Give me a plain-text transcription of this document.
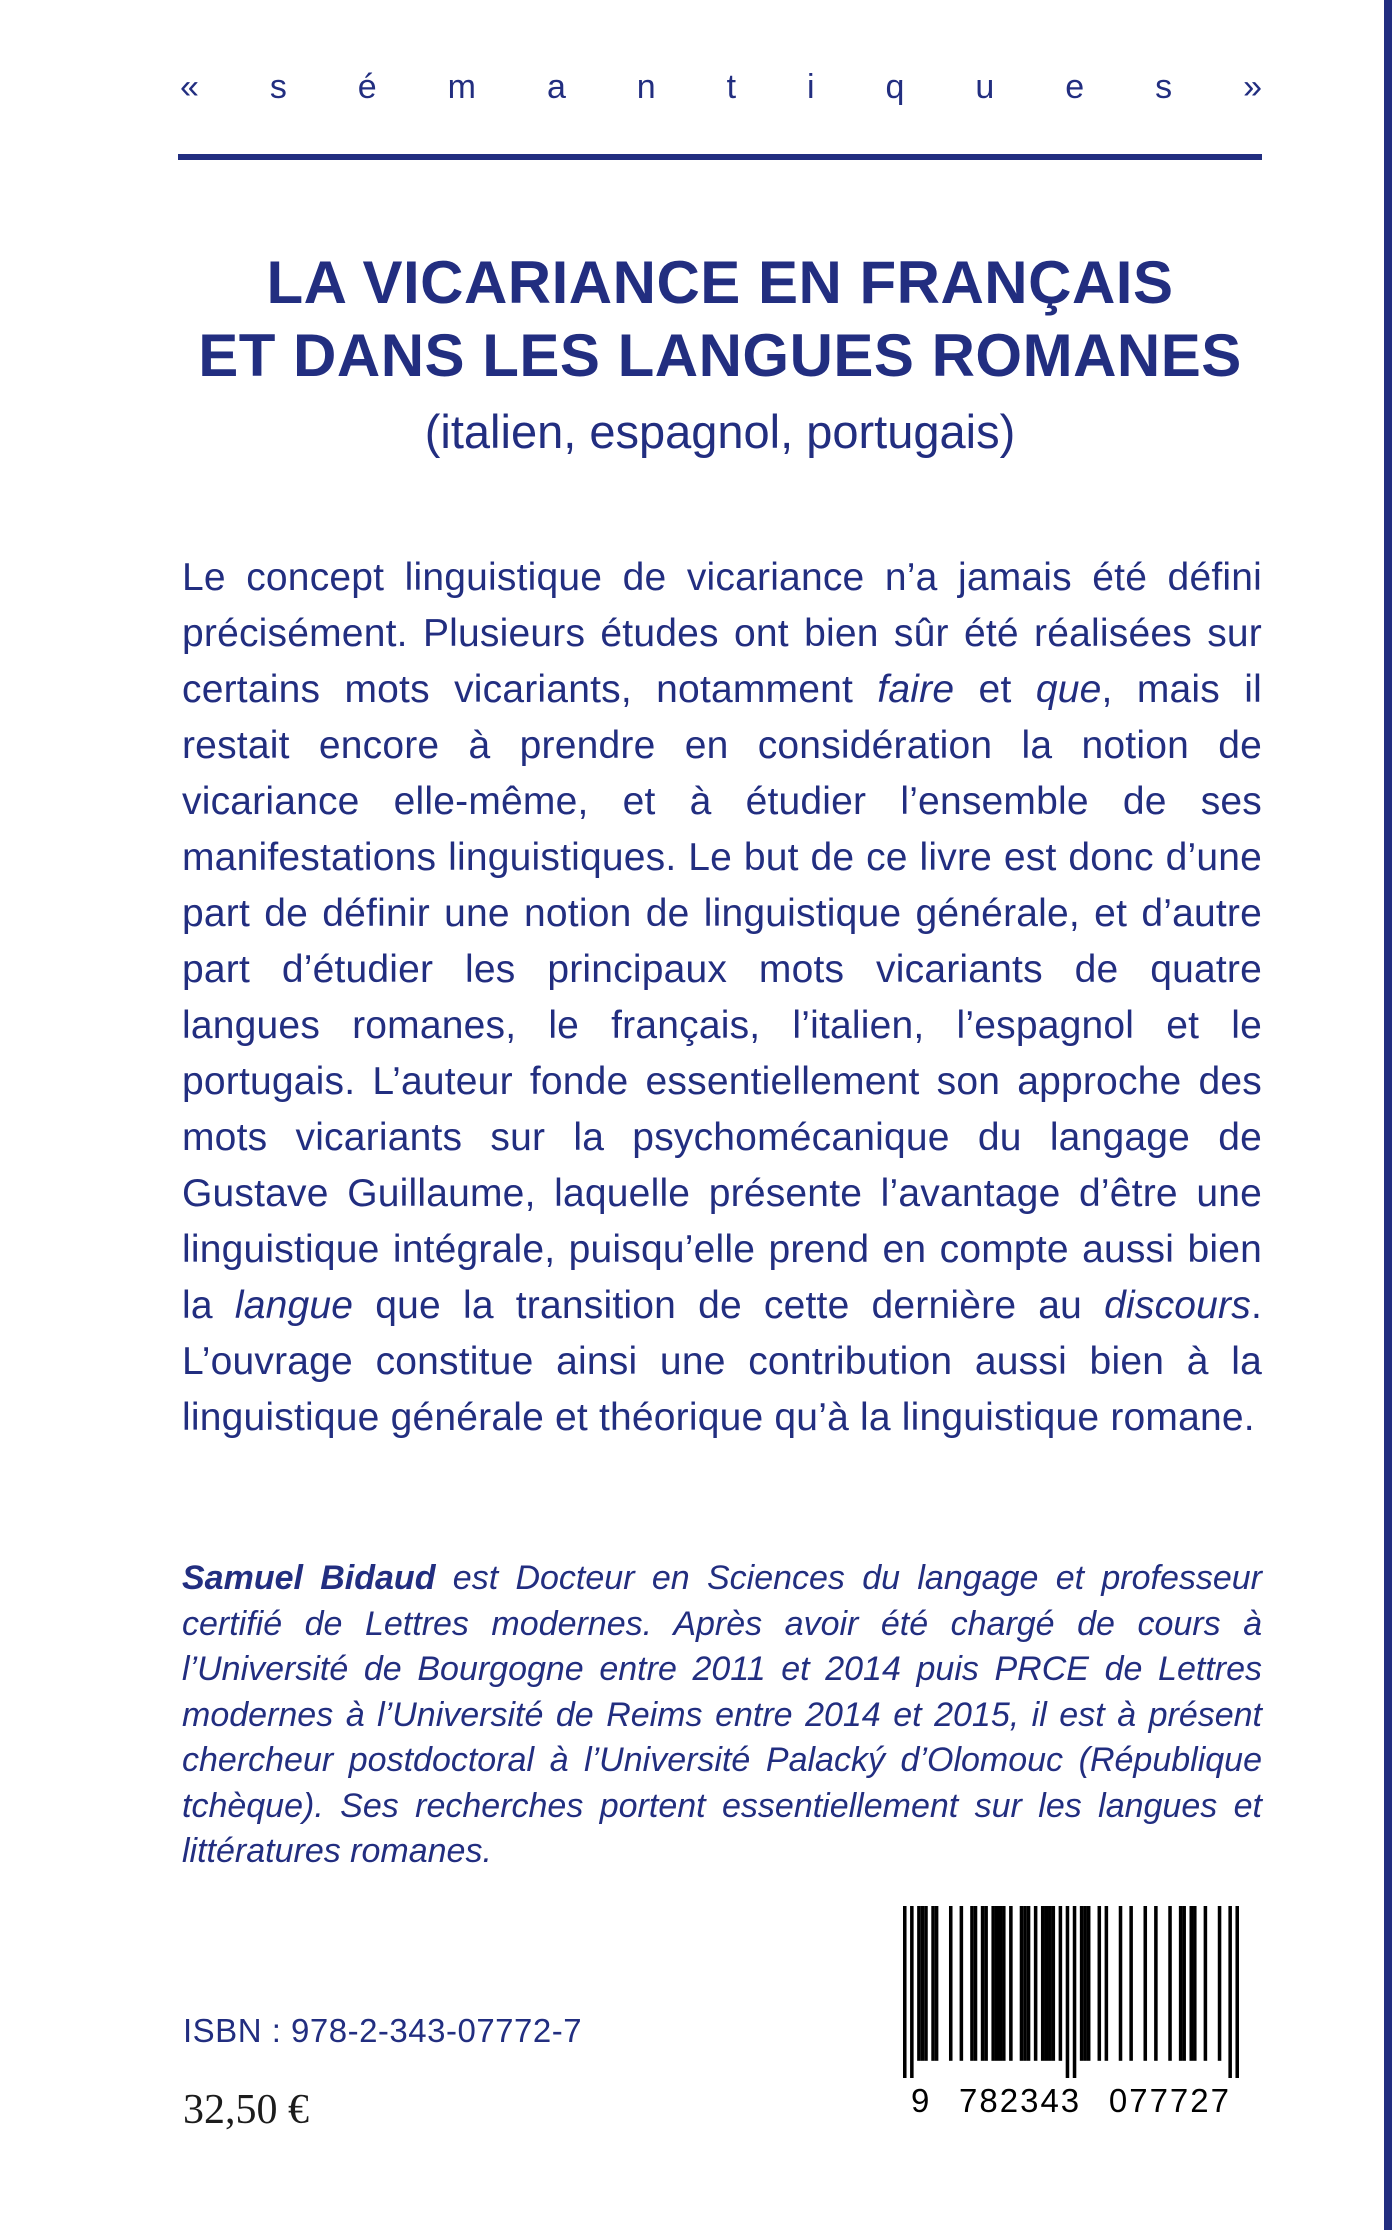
« s é m a n t i q u e s »
LA VICARIANCE EN FRANÇAIS
ET DANS LES LANGUES ROMANES
(italien, espagnol, portugais)

Le concept linguistique de vicariance n’a jamais été défini précisément. Plusieurs études ont bien sûr été réalisées sur certains mots vicariants, notamment faire et que, mais il restait encore à prendre en considération la notion de vicariance elle-même, et à étudier l’ensemble de ses manifestations linguistiques. Le but de ce livre est donc d’une part de définir une notion de linguistique générale, et d’autre part d’étudier les principaux mots vicariants de quatre langues romanes, le français, l’italien, l’espagnol et le portugais. L’auteur fonde essentiellement son approche des mots vicariants sur la psychomécanique du langage de Gustave Guillaume, laquelle présente l’avantage d’être une linguistique intégrale, puisqu’elle prend en compte aussi bien la langue que la transition de cette dernière au discours. L’ouvrage constitue ainsi une contribution aussi bien à la linguistique générale et théorique qu’à la linguistique romane.

Samuel Bidaud est Docteur en Sciences du langage et professeur certifié de Lettres modernes. Après avoir été chargé de cours à l’Université de Bourgogne entre 2011 et 2014 puis PRCE de Lettres modernes à l’Université de Reims entre 2014 et 2015, il est à présent chercheur postdoctoral à l’Université Palacký d’Olomouc (République tchèque). Ses recherches portent essentiellement sur les langues et littératures romanes.

ISBN : 978-2-343-07772-7
32,50 €	9 782343 077727
